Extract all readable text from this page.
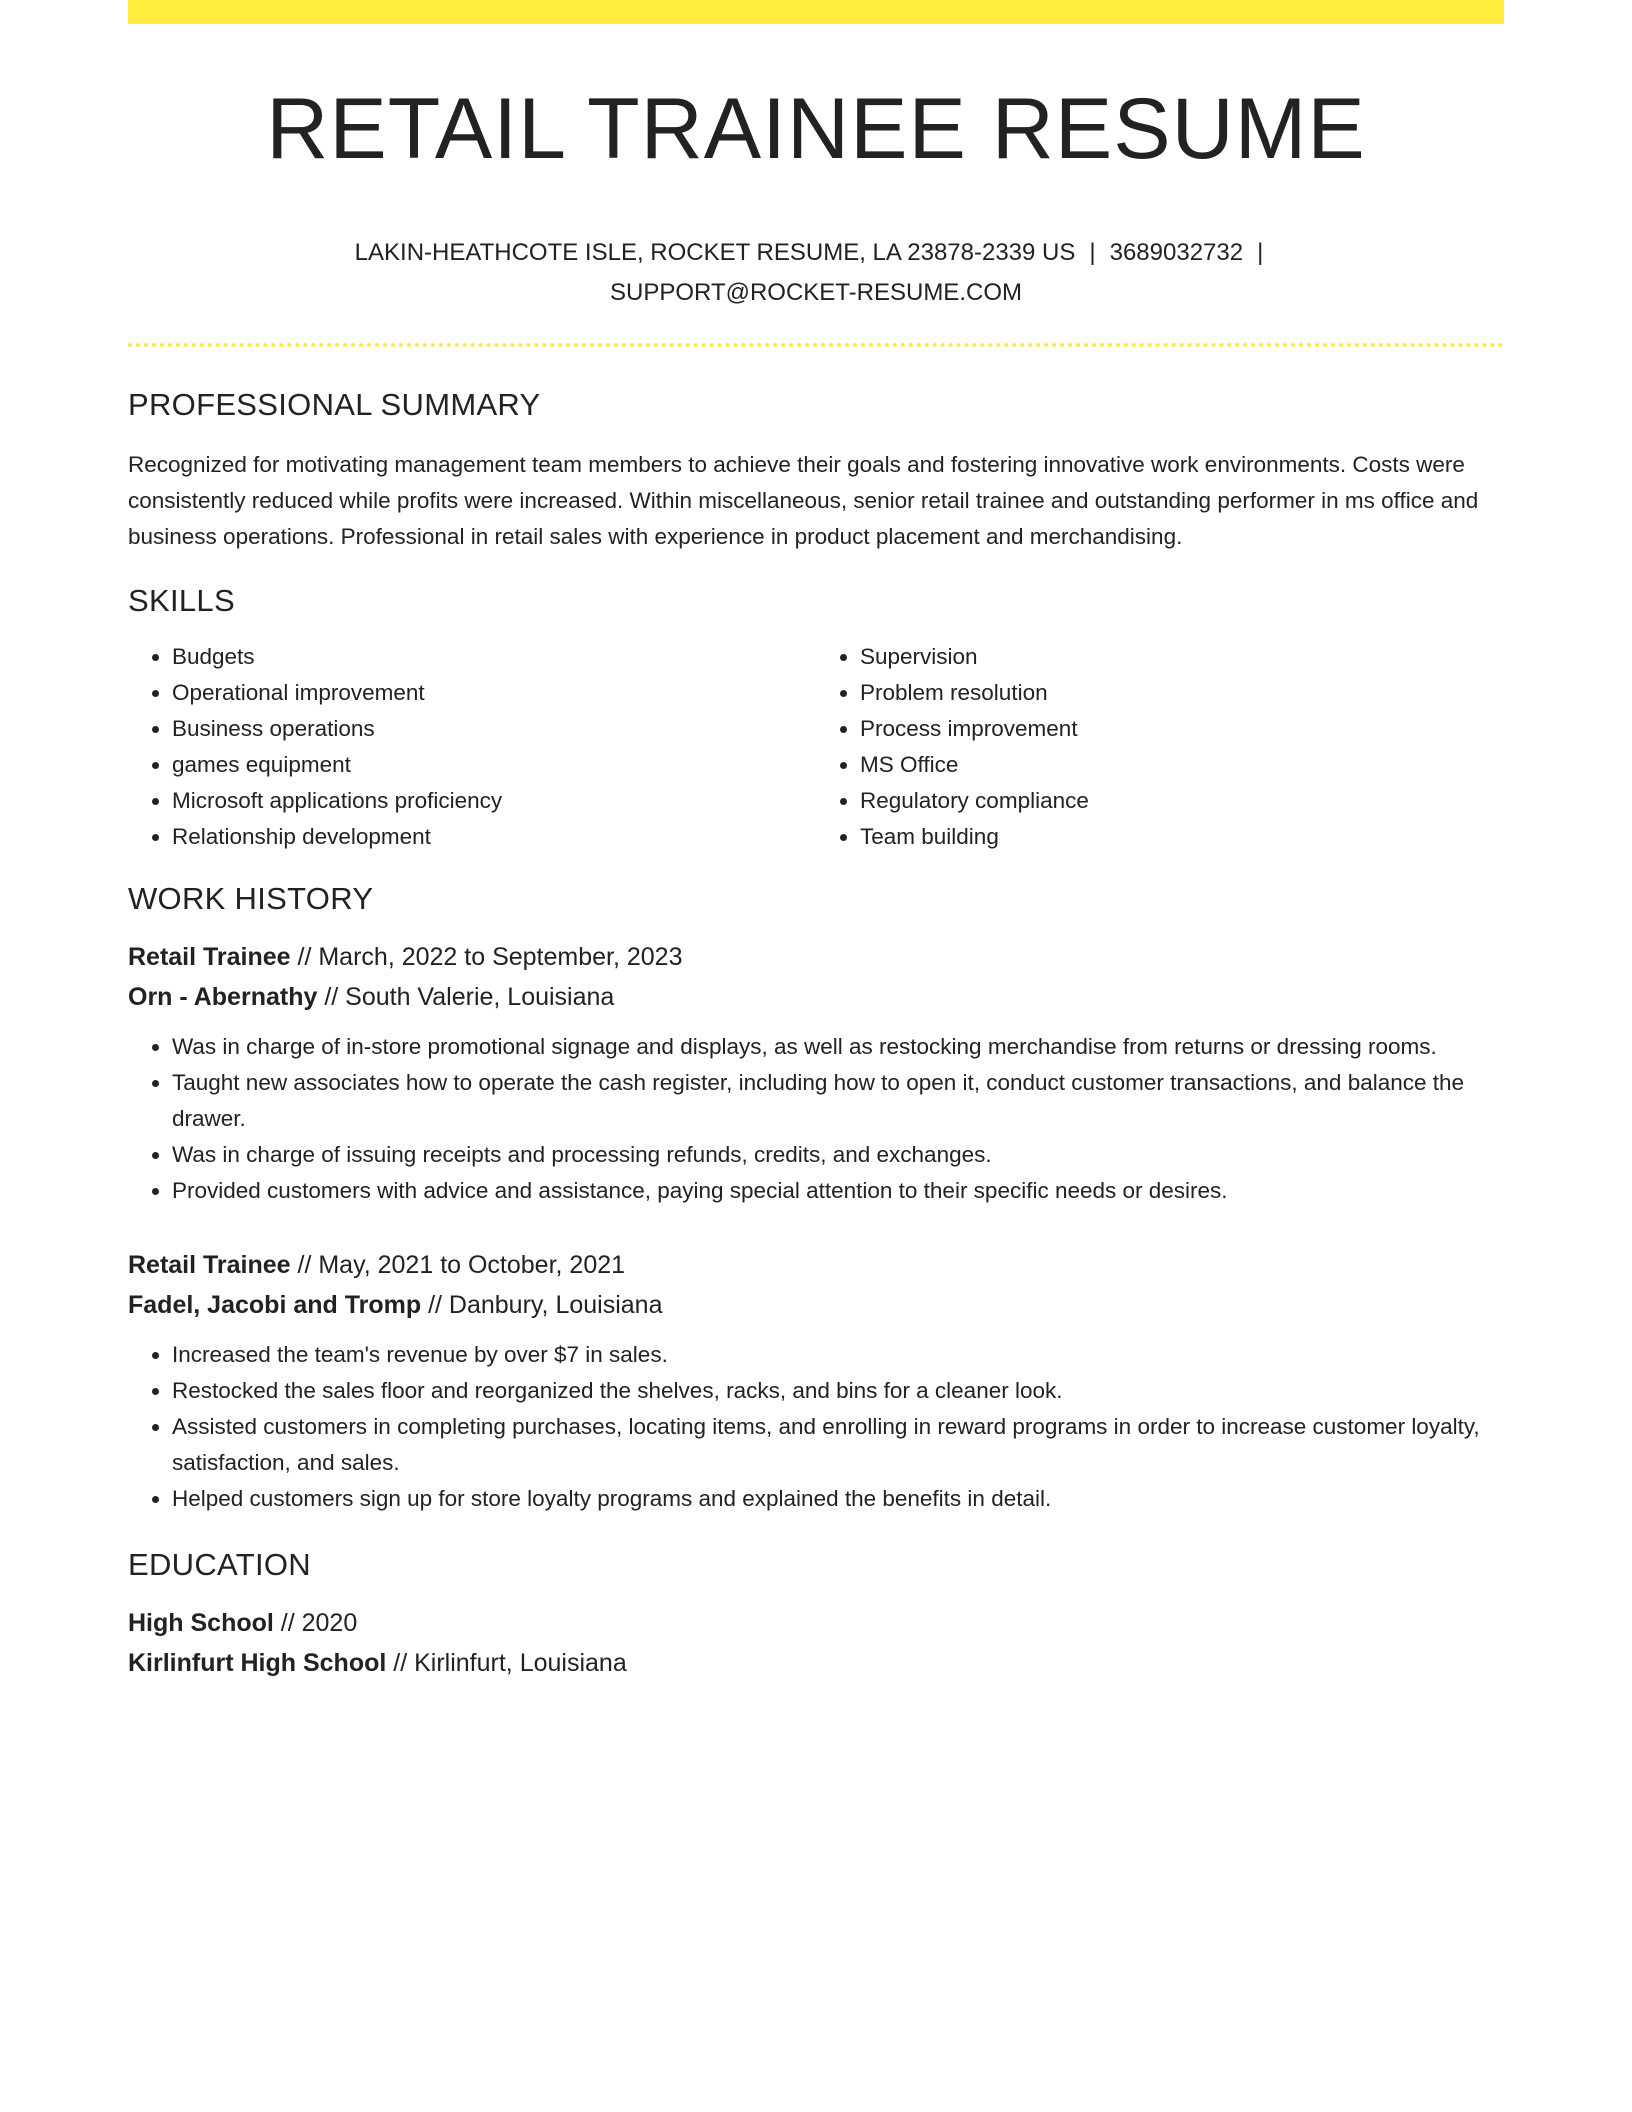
RETAIL TRAINEE RESUME
LAKIN-HEATHCOTE ISLE, ROCKET RESUME, LA 23878-2339 US | 3689032732 |
SUPPORT@ROCKET-RESUME.COM
PROFESSIONAL SUMMARY
Recognized for motivating management team members to achieve their goals and fostering innovative work environments. Costs were consistently reduced while profits were increased. Within miscellaneous, senior retail trainee and outstanding performer in ms office and business operations. Professional in retail sales with experience in product placement and merchandising.
SKILLS
• Budgets
• Operational improvement
• Business operations
• games equipment
• Microsoft applications proficiency
• Relationship development
• Supervision
• Problem resolution
• Process improvement
• MS Office
• Regulatory compliance
• Team building
WORK HISTORY
Retail Trainee // March, 2022 to September, 2023
Orn - Abernathy // South Valerie, Louisiana
• Was in charge of in-store promotional signage and displays, as well as restocking merchandise from returns or dressing rooms.
• Taught new associates how to operate the cash register, including how to open it, conduct customer transactions, and balance the drawer.
• Was in charge of issuing receipts and processing refunds, credits, and exchanges.
• Provided customers with advice and assistance, paying special attention to their specific needs or desires.
Retail Trainee // May, 2021 to October, 2021
Fadel, Jacobi and Tromp // Danbury, Louisiana
• Increased the team's revenue by over $7 in sales.
• Restocked the sales floor and reorganized the shelves, racks, and bins for a cleaner look.
• Assisted customers in completing purchases, locating items, and enrolling in reward programs in order to increase customer loyalty, satisfaction, and sales.
• Helped customers sign up for store loyalty programs and explained the benefits in detail.
EDUCATION
High School // 2020
Kirlinfurt High School // Kirlinfurt, Louisiana
